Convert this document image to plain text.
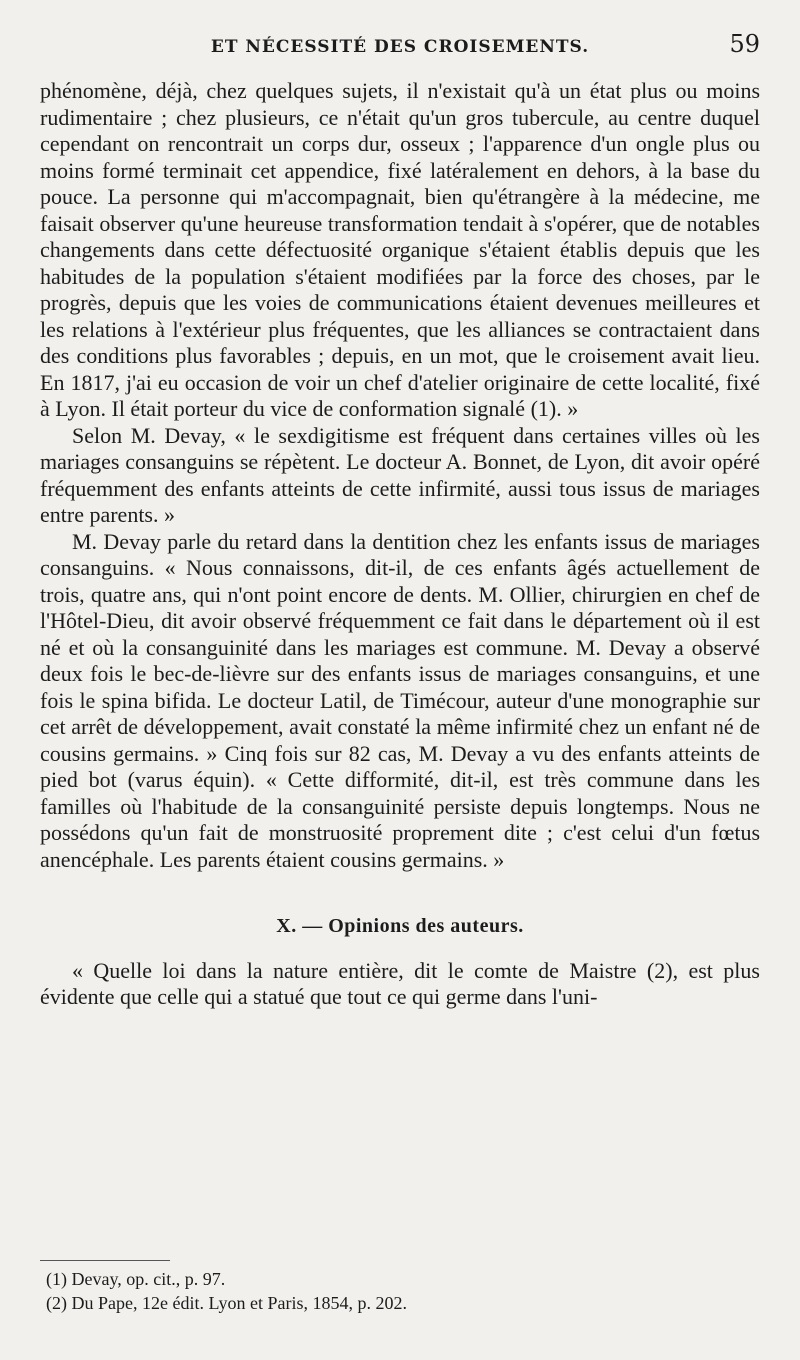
ET NÉCESSITÉ DES CROISEMENTS.	59

phénomène, déjà, chez quelques sujets, il n'existait qu'à un état plus ou moins rudimentaire ; chez plusieurs, ce n'était qu'un gros tubercule, au centre duquel cependant on rencontrait un corps dur, osseux ; l'apparence d'un ongle plus ou moins formé terminait cet appendice, fixé latéralement en dehors, à la base du pouce. La personne qui m'accompagnait, bien qu'étrangère à la médecine, me faisait observer qu'une heureuse transformation tendait à s'opérer, que de notables changements dans cette défectuosité organique s'étaient établis depuis que les habitudes de la population s'étaient modifiées par la force des choses, par le progrès, depuis que les voies de communications étaient devenues meilleures et les relations à l'extérieur plus fréquentes, que les alliances se contractaient dans des conditions plus favorables ; depuis, en un mot, que le croisement avait lieu. En 1817, j'ai eu occasion de voir un chef d'atelier originaire de cette localité, fixé à Lyon. Il était porteur du vice de conformation signalé (1). »

Selon M. Devay, « le sexdigitisme est fréquent dans certaines villes où les mariages consanguins se répètent. Le docteur A. Bonnet, de Lyon, dit avoir opéré fréquemment des enfants atteints de cette infirmité, aussi tous issus de mariages entre parents. »

M. Devay parle du retard dans la dentition chez les enfants issus de mariages consanguins. « Nous connaissons, dit-il, de ces enfants âgés actuellement de trois, quatre ans, qui n'ont point encore de dents. M. Ollier, chirurgien en chef de l'Hôtel-Dieu, dit avoir observé fréquemment ce fait dans le département où il est né et où la consanguinité dans les mariages est commune. M. Devay a observé deux fois le bec-de-lièvre sur des enfants issus de mariages consanguins, et une fois le spina bifida. Le docteur Latil, de Timécour, auteur d'une monographie sur cet arrêt de développement, avait constaté la même infirmité chez un enfant né de cousins germains. » Cinq fois sur 82 cas, M. Devay a vu des enfants atteints de pied bot (varus équin). « Cette difformité, dit-il, est très commune dans les familles où l'habitude de la consanguinité persiste depuis longtemps. Nous ne possédons qu'un fait de monstruosité proprement dite ; c'est celui d'un fœtus anencéphale. Les parents étaient cousins germains. »

X. — Opinions des auteurs.

« Quelle loi dans la nature entière, dit le comte de Maistre (2), est plus évidente que celle qui a statué que tout ce qui germe dans l'uni-

(1) Devay, op. cit., p. 97.

(2) Du Pape, 12e édit. Lyon et Paris, 1854, p. 202.
